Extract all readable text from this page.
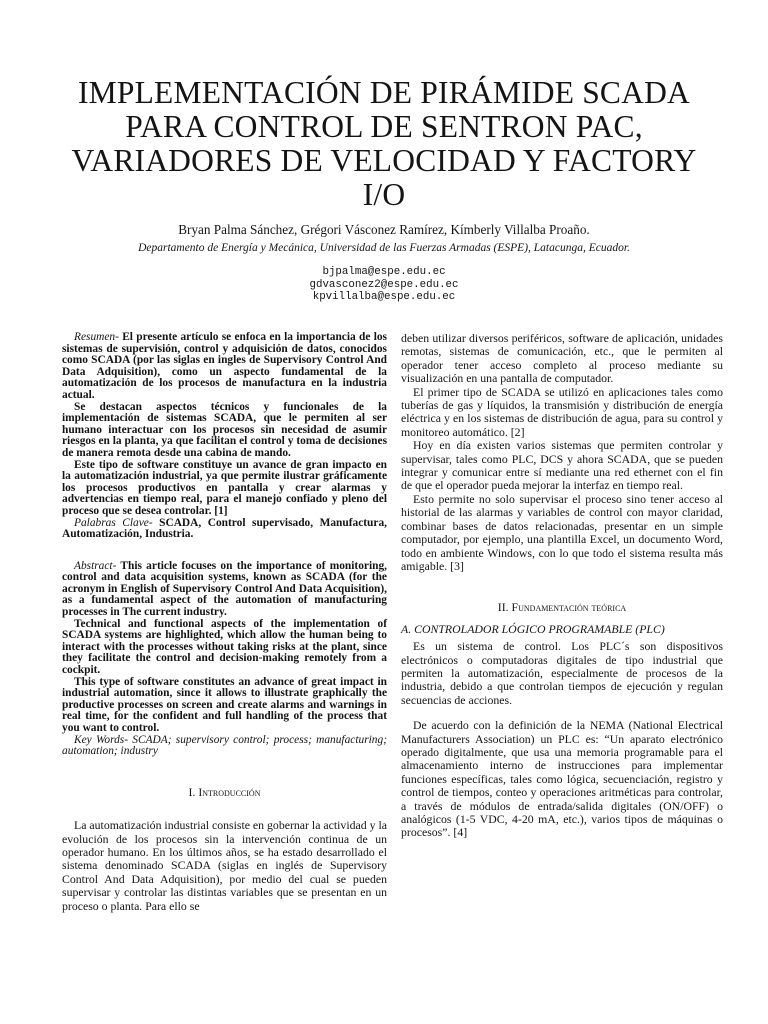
IMPLEMENTACIÓN DE PIRÁMIDE SCADA PARA CONTROL DE SENTRON PAC, VARIADORES DE VELOCIDAD Y FACTORY I/O

Bryan Palma Sánchez, Grégori Vásconez Ramírez, Kímberly Villalba Proaño.

Departamento de Energía y Mecánica, Universidad de las Fuerzas Armadas (ESPE), Latacunga, Ecuador.

bjpalma@espe.edu.ec
gdvasconez2@espe.edu.ec
kpvillalba@espe.edu.ec

Resumen- El presente artículo se enfoca en la importancia de los sistemas de supervisión, control y adquisición de datos, conocidos como SCADA (por las siglas en ingles de Supervisory Control And Data Adquisition), como un aspecto fundamental de la automatización de los procesos de manufactura en la industria actual.

Se destacan aspectos técnicos y funcionales de la implementación de sistemas SCADA, que le permiten al ser humano interactuar con los procesos sin necesidad de asumir riesgos en la planta, ya que facilitan el control y toma de decisiones de manera remota desde una cabina de mando.

Este tipo de software constituye un avance de gran impacto en la automatización industrial, ya que permite ilustrar gráficamente los procesos productivos en pantalla y crear alarmas y advertencias en tiempo real, para el manejo confiado y pleno del proceso que se desea controlar. [1]

Palabras Clave- SCADA, Control supervisado, Manufactura, Automatización, Industria.

Abstract- This article focuses on the importance of monitoring, control and data acquisition systems, known as SCADA (for the acronym in English of Supervisory Control And Data Acquisition), as a fundamental aspect of the automation of manufacturing processes in The current industry.

Technical and functional aspects of the implementation of SCADA systems are highlighted, which allow the human being to interact with the processes without taking risks at the plant, since they facilitate the control and decision-making remotely from a cockpit.

This type of software constitutes an advance of great impact in industrial automation, since it allows to illustrate graphically the productive processes on screen and create alarms and warnings in real time, for the confident and full handling of the process that you want to control.

Key Words- SCADA; supervisory control; process; manufacturing; automation; industry

I. Introducción

La automatización industrial consiste en gobernar la actividad y la evolución de los procesos sin la intervención continua de un operador humano. En los últimos años, se ha estado desarrollado el sistema denominado SCADA (siglas en inglés de Supervisory Control And Data Adquisition), por medio del cual se pueden supervisar y controlar las distintas variables que se presentan en un proceso o planta. Para ello se

deben utilizar diversos periféricos, software de aplicación, unidades remotas, sistemas de comunicación, etc., que le permiten al operador tener acceso completo al proceso mediante su visualización en una pantalla de computador.

El primer tipo de SCADA se utilizó en aplicaciones tales como tuberías de gas y líquidos, la transmisión y distribución de energía eléctrica y en los sistemas de distribución de agua, para su control y monitoreo automático. [2]

Hoy en día existen varios sistemas que permiten controlar y supervisar, tales como PLC, DCS y ahora SCADA, que se pueden integrar y comunicar entre sí mediante una red ethernet con el fin de que el operador pueda mejorar la interfaz en tiempo real.

Esto permite no solo supervisar el proceso sino tener acceso al historial de las alarmas y variables de control con mayor claridad, combinar bases de datos relacionadas, presentar en un simple computador, por ejemplo, una plantilla Excel, un documento Word, todo en ambiente Windows, con lo que todo el sistema resulta más amigable. [3]

II. Fundamentación teórica

A. CONTROLADOR LÓGICO PROGRAMABLE (PLC)

Es un sistema de control. Los PLC´s son dispositivos electrónicos o computadoras digitales de tipo industrial que permiten la automatización, especialmente de procesos de la industria, debido a que controlan tiempos de ejecución y regulan secuencias de acciones.

De acuerdo con la definición de la NEMA (National Electrical Manufacturers Association) un PLC es: “Un aparato electrónico operado digitalmente, que usa una memoria programable para el almacenamiento interno de instrucciones para implementar funciones específicas, tales como lógica, secuenciación, registro y control de tiempos, conteo y operaciones aritméticas para controlar, a través de módulos de entrada/salida digitales (ON/OFF) o analógicos (1-5 VDC, 4-20 mA, etc.), varios tipos de máquinas o procesos”. [4]
